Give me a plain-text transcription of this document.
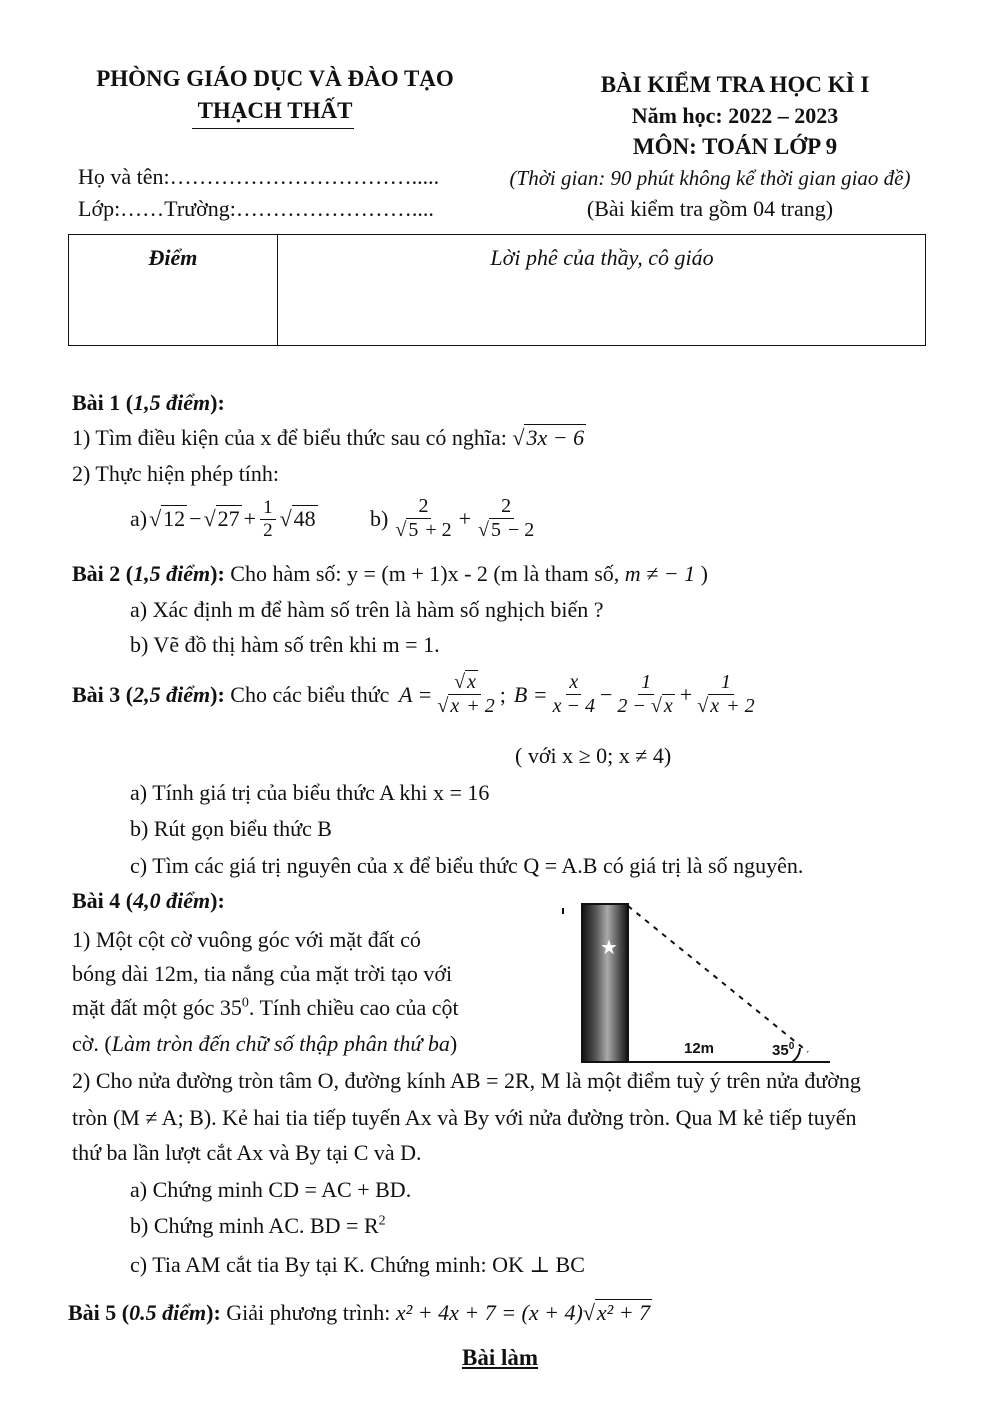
PHÒNG GIÁO DỤC VÀ ĐÀO TẠO
THẠCH THẤT
BÀI KIỂM TRA HỌC KÌ I
Năm học: 2022 – 2023
MÔN: TOÁN LỚP 9
Họ và tên:…………………………….....
Lớp:……Trường:……………………....
(Thời gian: 90 phút không kể thời gian giao đề)
(Bài kiểm tra gồm 04 trang)
Điểm	Lời phê của thầy, cô giáo
Bài 1 (1,5 điểm):
1) Tìm điều kiện của x để biểu thức sau có nghĩa: √3x − 6
2) Thực hiện phép tính:
a) $√12 - √27 + \frac{1}{2} √48$ $b) \frac{2}{√ 5 + 2} + \frac{2}{√ 5 - 2}$
Bài 2 (1,5 điểm): Cho hàm số: y = (m + 1)x - 2 (m là tham số, m ≠ − 1 )
a) Xác định m để hàm số trên là hàm số nghịch biến ?
b) Vẽ đồ thị hàm số trên khi m = 1.
Bài 3 (2,5 điểm): Cho các biểu thức $A = \frac{√ x}{√ x + 2}$ ; $B = \frac{x}{x - 4} - \frac{1}{2 - √ x} + \frac{1}{√ x + 2}$
( với x ≥ 0; x ≠ 4)
a) Tính giá trị của biểu thức A khi x = 16
b) Rút gọn biểu thức B
c) Tìm các giá trị nguyên của x để biểu thức Q = A.B có giá trị là số nguyên.
Bài 4 (4,0 điểm):
1) Một cột cờ vuông góc với mặt đất có
bóng dài 12m, tia nắng của mặt trời tạo với
mặt đất một góc $35^0$. Tính chiều cao của cột
cờ. (Làm tròn đến chữ số thập phân thứ ba)
★
12m	$35^0$
2) Cho nửa đường tròn tâm O, đường kính AB = 2R, M là một điểm tuỳ ý trên nửa đường
tròn (M ≠ A; B). Kẻ hai tia tiếp tuyến Ax và By với nửa đường tròn. Qua M kẻ tiếp tuyến
thứ ba lần lượt cắt Ax và By tại C và D.
a) Chứng minh CD = AC + BD.
b) Chứng minh AC. BD = $R^2$
c) Tia AM cắt tia By tại K. Chứng minh: OK ⊥ BC
Bài 5 (0.5 điểm): Giải phương trình: x² + 4x + 7 = (x + 4)√x² + 7
Bài làm
